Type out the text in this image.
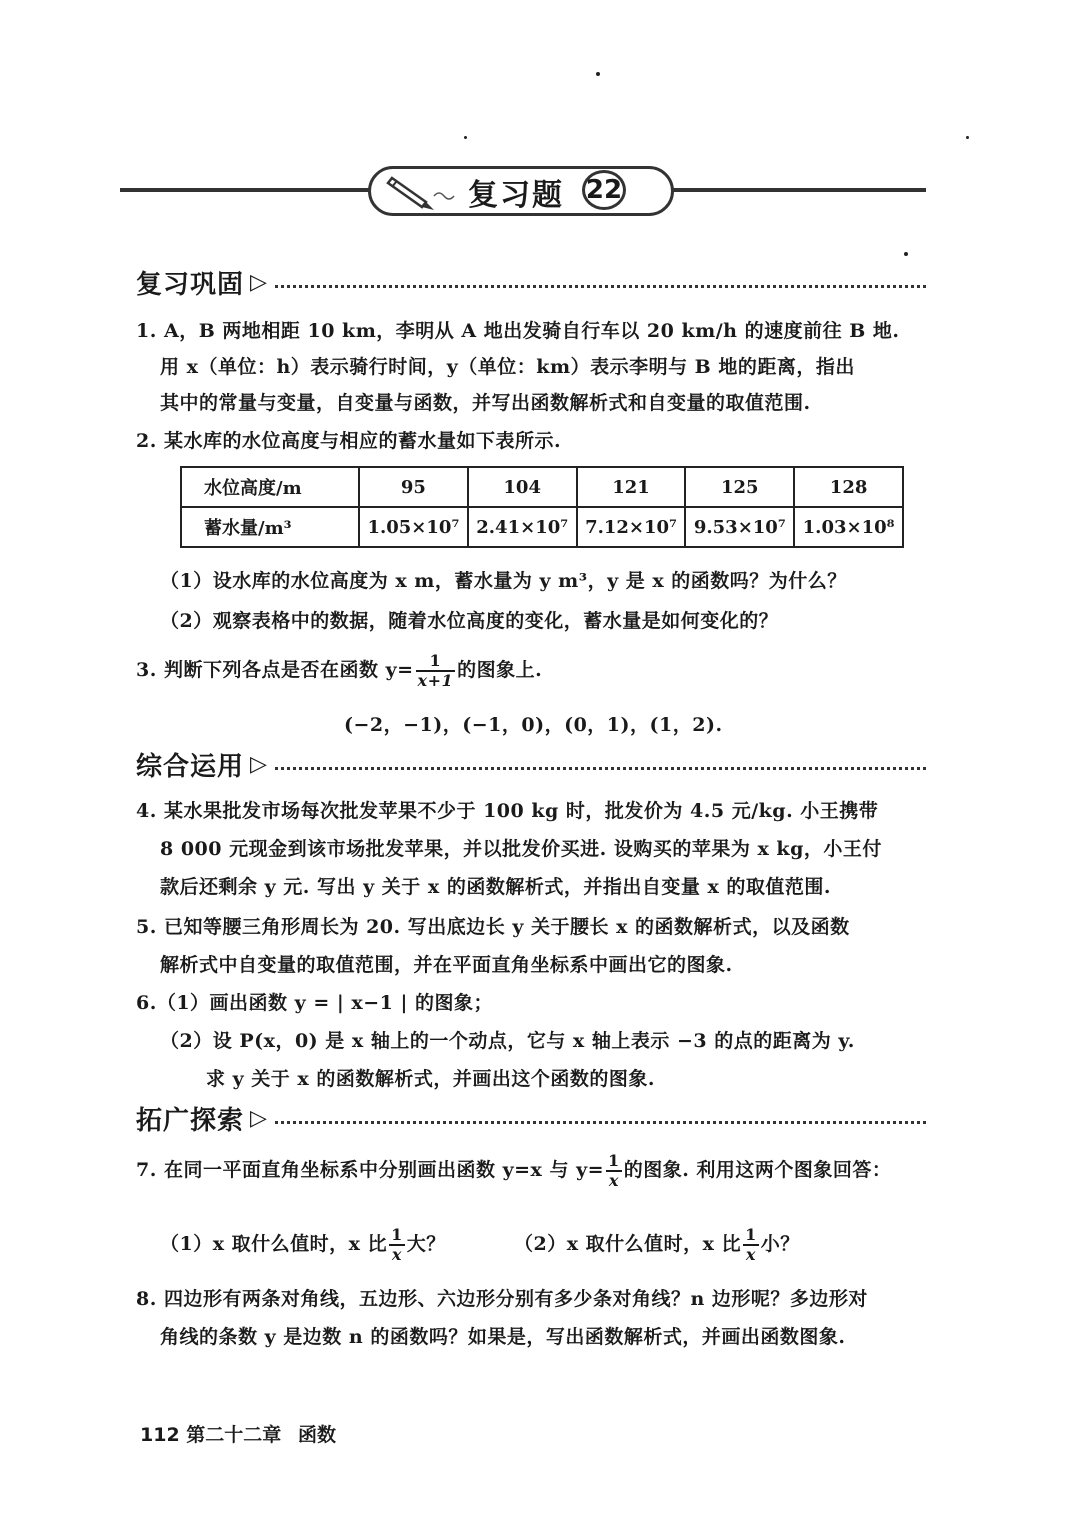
复习题 22
复习巩固 ▷
1. A，B 两地相距 10 km，李明从 A 地出发骑自行车以 20 km/h 的速度前往 B 地.
用 x（单位：h）表示骑行时间，y（单位：km）表示李明与 B 地的距离，指出
其中的常量与变量，自变量与函数，并写出函数解析式和自变量的取值范围.
2. 某水库的水位高度与相应的蓄水量如下表所示.
水位高度/m	95	104	121	125	128
蓄水量/m³	1.05×10⁷	2.41×10⁷	7.12×10⁷	9.53×10⁷	1.03×10⁸
（1）设水库的水位高度为 x m，蓄水量为 y m³，y 是 x 的函数吗？为什么？
（2）观察表格中的数据，随着水位高度的变化，蓄水量是如何变化的？
3. 判断下列各点是否在函数 $y= \frac{1}{x+1}$ 的图象上.
(−2，−1)，(−1，0)，(0，1)，(1，2).
综合运用 ▷
4. 某水果批发市场每次批发苹果不少于 100 kg 时，批发价为 4.5 元/kg. 小王携带
8 000 元现金到该市场批发苹果，并以批发价买进. 设购买的苹果为 x kg，小王付
款后还剩余 y 元. 写出 y 关于 x 的函数解析式，并指出自变量 x 的取值范围.
5. 已知等腰三角形周长为 20. 写出底边长 y 关于腰长 x 的函数解析式，以及函数
解析式中自变量的取值范围，并在平面直角坐标系中画出它的图象.
6.（1）画出函数 y = | x−1 | 的图象；
（2）设 P(x，0) 是 x 轴上的一个动点，它与 x 轴上表示 −3 的点的距离为 y.
求 y 关于 x 的函数解析式，并画出这个函数的图象.
拓广探索 ▷
7. 在同一平面直角坐标系中分别画出函数 y=x 与 $y= \frac{1}{x}$ 的图象. 利用这两个图象回答：
（1）x 取什么值时，x 比 $\frac{1}{x}$ 大？	（2）x 取什么值时，x 比 $\frac{1}{x}$ 小？
8. 四边形有两条对角线，五边形、六边形分别有多少条对角线？n 边形呢？多边形对
角线的条数 y 是边数 n 的函数吗？如果是，写出函数解析式，并画出函数图象.
112 第二十二章 函数
